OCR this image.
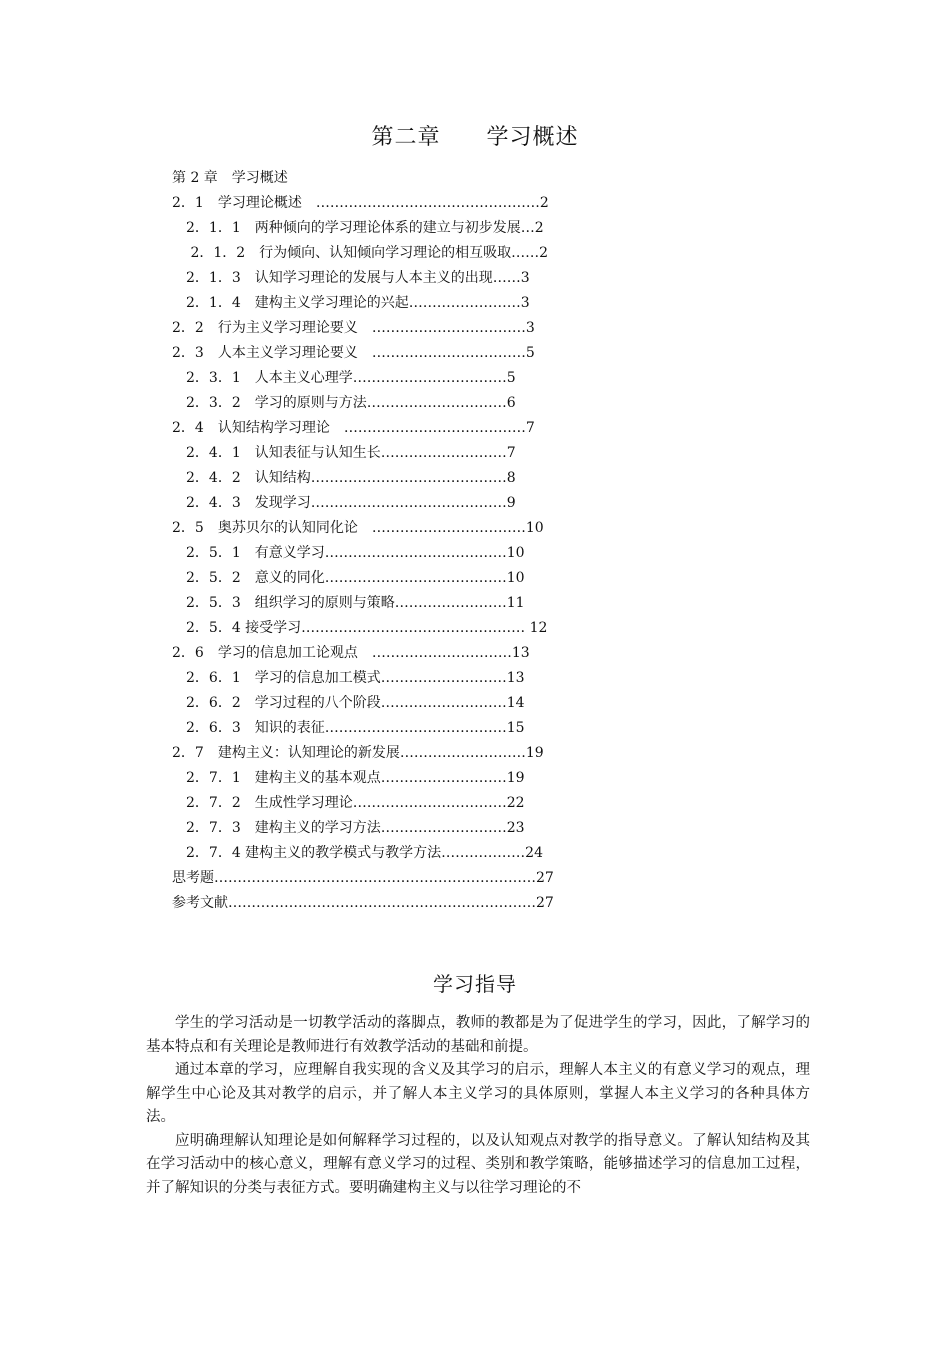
第二章　　学习概述
第 2 章　学习概述
2．1　学习理论概述　…………………………………………2
　2．1．1　两种倾向的学习理论体系的建立与初步发展…2
　 2．1．2　行为倾向、认知倾向学习理论的相互吸取……2
　2．1．3　认知学习理论的发展与人本主义的出现……3
　2．1．4　建构主义学习理论的兴起……………………3
2．2　行为主义学习理论要义　……………………………3
2．3　人本主义学习理论要义　……………………………5
　2．3．1　人本主义心理学……………………………5
　2．3．2　学习的原则与方法…………………………6
2．4　认知结构学习理论　…………………………………7
　2．4．1　认知表征与认知生长………………………7
　2．4．2　认知结构……………………………………8
　2．4．3　发现学习……………………………………9
2．5　奥苏贝尔的认知同化论　……………………………10
　2．5．1　有意义学习…………………………………10
　2．5．2　意义的同化…………………………………10
　2．5．3　组织学习的原则与策略……………………11
　2．5．4 接受学习………………………………………… 12
2．6　学习的信息加工论观点　…………………………13
　2．6．1　学习的信息加工模式………………………13
　2．6．2　学习过程的八个阶段………………………14
　2．6．3　知识的表征…………………………………15
2．7　建构主义：认知理论的新发展………………………19
　2．7．1　建构主义的基本观点………………………19
　2．7．2　生成性学习理论……………………………22
　2．7．3　建构主义的学习方法………………………23
　2．7．4 建构主义的教学模式与教学方法………………24
思考题……………………………………………………………27
参考文献…………………………………………………………27
学习指导

学生的学习活动是一切教学活动的落脚点，教师的教都是为了促进学生的学习，因此，了解学习的基本特点和有关理论是教师进行有效教学活动的基础和前提。

通过本章的学习，应理解自我实现的含义及其学习的启示，理解人本主义的有意义学习的观点，理解学生中心论及其对教学的启示，并了解人本主义学习的具体原则，掌握人本主义学习的各种具体方法。

应明确理解认知理论是如何解释学习过程的，以及认知观点对教学的指导意义。了解认知结构及其在学习活动中的核心意义，理解有意义学习的过程、类别和教学策略，能够描述学习的信息加工过程，并了解知识的分类与表征方式。要明确建构主义与以往学习理论的不
